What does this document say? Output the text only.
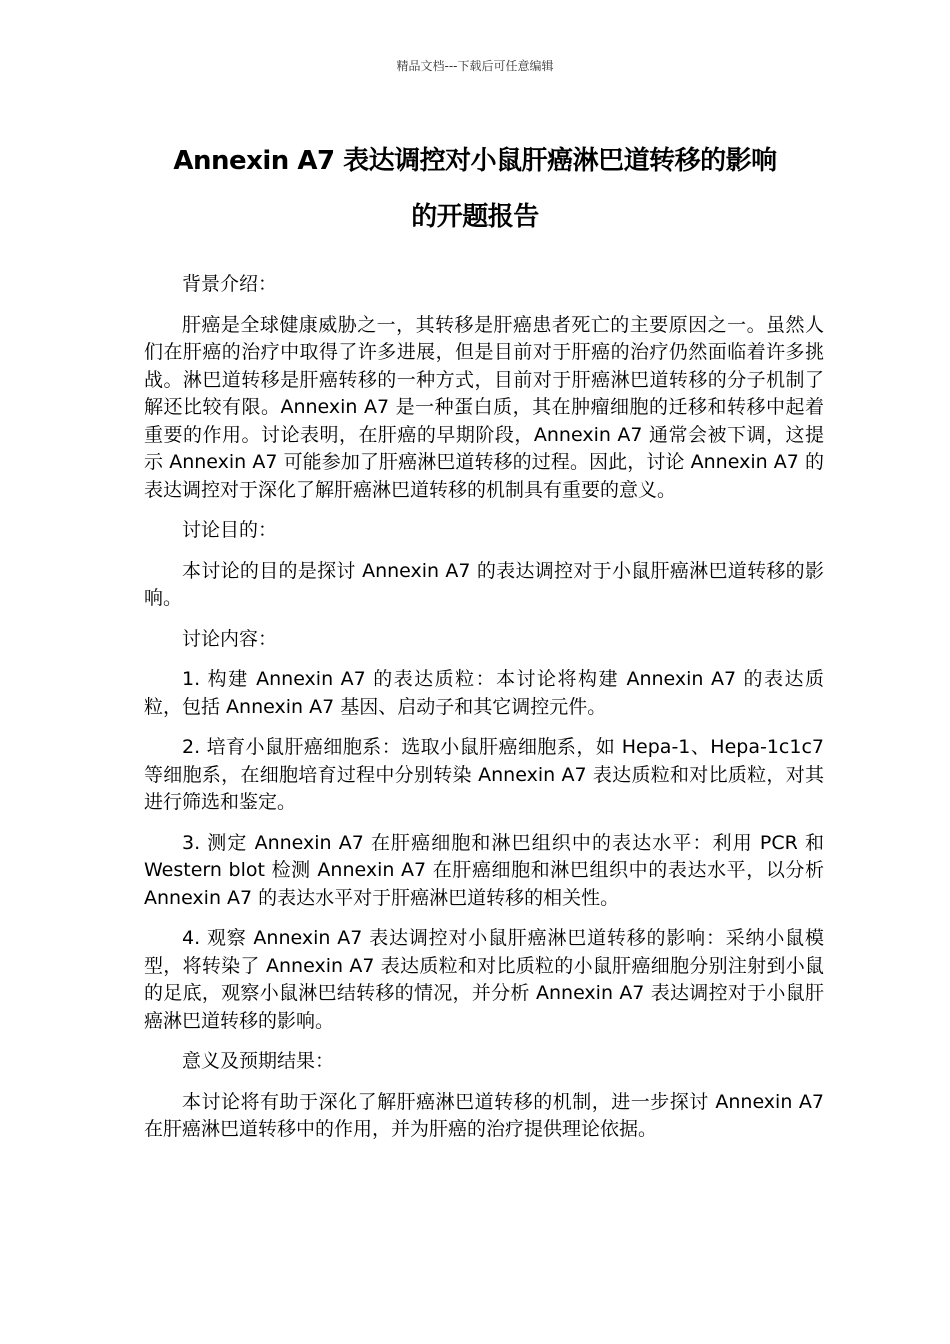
精品文档---下载后可任意编辑
Annexin A7 表达调控对小鼠肝癌淋巴道转移的影响
的开题报告

背景介绍：

肝癌是全球健康威胁之一，其转移是肝癌患者死亡的主要原因之一。虽然人们在肝癌的治疗中取得了许多进展，但是目前对于肝癌的治疗仍然面临着许多挑战。淋巴道转移是肝癌转移的一种方式，目前对于肝癌淋巴道转移的分子机制了解还比较有限。Annexin A7 是一种蛋白质，其在肿瘤细胞的迁移和转移中起着重要的作用。讨论表明，在肝癌的早期阶段，Annexin A7 通常会被下调，这提示 Annexin A7 可能参加了肝癌淋巴道转移的过程。因此，讨论 Annexin A7 的表达调控对于深化了解肝癌淋巴道转移的机制具有重要的意义。

讨论目的：

本讨论的目的是探讨 Annexin A7 的表达调控对于小鼠肝癌淋巴道转移的影响。

讨论内容：

1. 构建 Annexin A7 的表达质粒：本讨论将构建 Annexin A7 的表达质粒，包括 Annexin A7 基因、启动子和其它调控元件。

2. 培育小鼠肝癌细胞系：选取小鼠肝癌细胞系，如 Hepa-1、Hepa-1c1c7 等细胞系，在细胞培育过程中分别转染 Annexin A7 表达质粒和对比质粒，对其进行筛选和鉴定。

3. 测定 Annexin A7 在肝癌细胞和淋巴组织中的表达水平：利用 PCR 和 Western blot 检测 Annexin A7 在肝癌细胞和淋巴组织中的表达水平，以分析 Annexin A7 的表达水平对于肝癌淋巴道转移的相关性。

4. 观察 Annexin A7 表达调控对小鼠肝癌淋巴道转移的影响：采纳小鼠模型，将转染了 Annexin A7 表达质粒和对比质粒的小鼠肝癌细胞分别注射到小鼠的足底，观察小鼠淋巴结转移的情况，并分析 Annexin A7 表达调控对于小鼠肝癌淋巴道转移的影响。

意义及预期结果：

本讨论将有助于深化了解肝癌淋巴道转移的机制，进一步探讨 Annexin A7 在肝癌淋巴道转移中的作用，并为肝癌的治疗提供理论依据。
